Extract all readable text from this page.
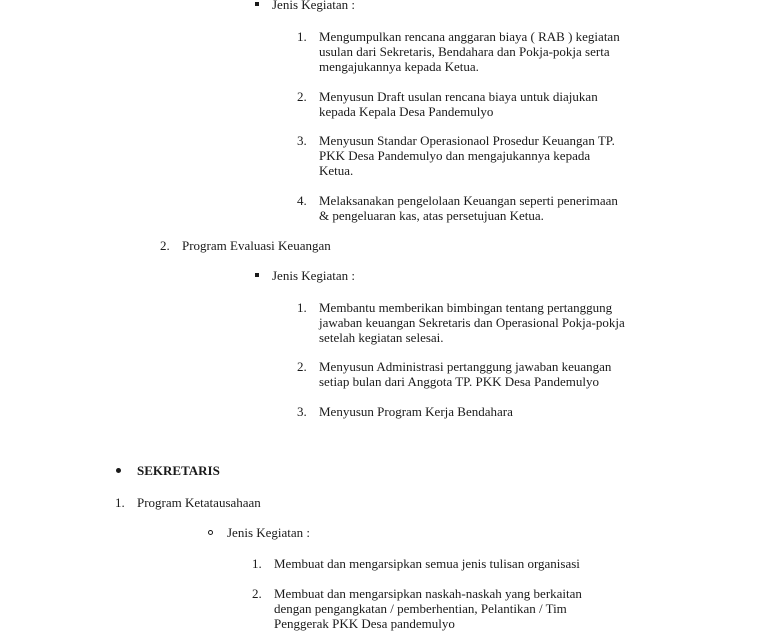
Jenis Kegiatan :
1. Mengumpulkan rencana anggaran biaya ( RAB ) kegiatan
usulan dari Sekretaris, Bendahara dan Pokja-pokja serta
mengajukannya kepada Ketua.
2. Menyusun Draft usulan rencana biaya untuk diajukan
kepada Kepala Desa Pandemulyo
3. Menyusun Standar Operasionaol Prosedur Keuangan TP.
PKK Desa Pandemulyo dan mengajukannya kepada
Ketua.
4. Melaksanakan pengelolaan Keuangan seperti penerimaan
& pengeluaran kas, atas persetujuan Ketua.
2. Program Evaluasi Keuangan
Jenis Kegiatan :
1. Membantu memberikan bimbingan tentang pertanggung
jawaban keuangan Sekretaris dan Operasional Pokja-pokja
setelah kegiatan selesai.
2. Menyusun Administrasi pertanggung jawaban keuangan
setiap bulan dari Anggota TP. PKK Desa Pandemulyo
3. Menyusun Program Kerja Bendahara
SEKRETARIS
1. Program Ketatausahaan
Jenis Kegiatan :
1. Membuat dan mengarsipkan semua jenis tulisan organisasi
2. Membuat dan mengarsipkan naskah-naskah yang berkaitan
dengan pengangkatan / pemberhentian, Pelantikan / Tim
Penggerak PKK Desa pandemulyo
